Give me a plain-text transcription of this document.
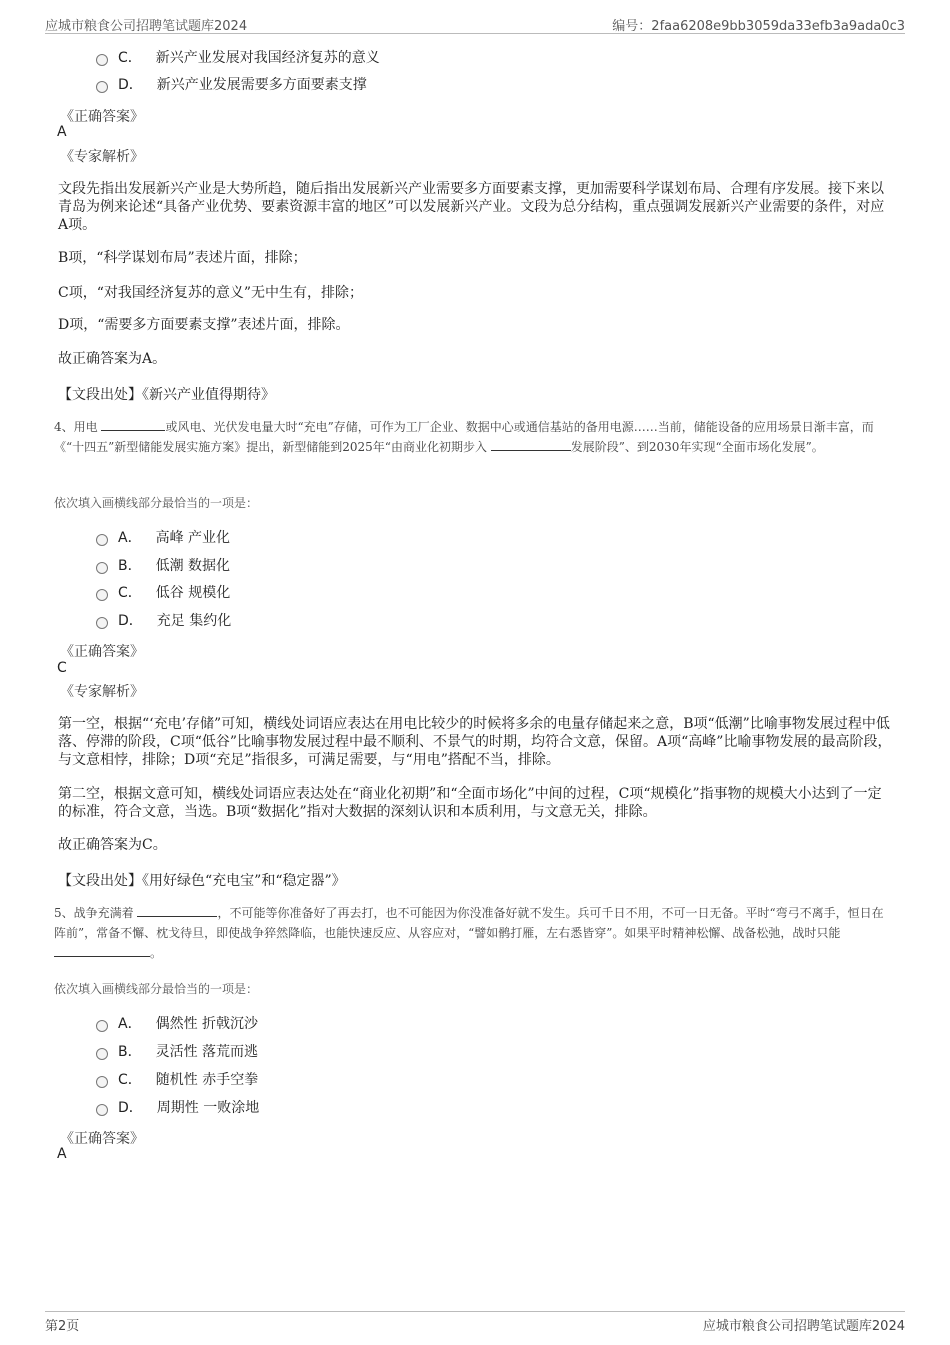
应城市粮食公司招聘笔试题库2024	编号：2faa6208e9bb3059da33efb3a9ada0c3
C． 新兴产业发展对我国经济复苏的意义
D． 新兴产业发展需要多方面要素支撑
《正确答案》
A
《专家解析》
文段先指出发展新兴产业是大势所趋，随后指出发展新兴产业需要多方面要素支撑，更加需要科学谋划布局、合理有序发展。接下来以青岛为例来论述“具备产业优势、要素资源丰富的地区”可以发展新兴产业。文段为总分结构，重点强调发展新兴产业需要的条件，对应A项。
B项，“科学谋划布局”表述片面，排除；
C项，“对我国经济复苏的意义”无中生有，排除；
D项，“需要多方面要素支撑”表述片面，排除。
故正确答案为A。
【文段出处】《新兴产业值得期待》
4、用电	或风电、光伏发电量大时“充电”存储，可作为工厂企业、数据中心或通信基站的备用电源……当前，储能设备的应用场景日渐丰富，而《“十四五”新型储能发展实施方案》提出，新型储能到2025年“由商业化初期步入	发展阶段”、到2030年实现“全面市场化发展”。
依次填入画横线部分最恰当的一项是：
A． 高峰 产业化
B． 低潮 数据化
C． 低谷 规模化
D． 充足 集约化
《正确答案》
C
《专家解析》
第一空，根据“‘充电’存储”可知，横线处词语应表达在用电比较少的时候将多余的电量存储起来之意，B项“低潮”比喻事物发展过程中低落、停滞的阶段，C项“低谷”比喻事物发展过程中最不顺利、不景气的时期，均符合文意，保留。A项“高峰”比喻事物发展的最高阶段，与文意相悖，排除；D项“充足”指很多，可满足需要，与“用电”搭配不当，排除。
第二空，根据文意可知，横线处词语应表达处在“商业化初期”和“全面市场化”中间的过程，C项“规模化”指事物的规模大小达到了一定的标准，符合文意，当选。B项“数据化”指对大数据的深刻认识和本质利用，与文意无关，排除。
故正确答案为C。
【文段出处】《用好绿色“充电宝”和“稳定器”》
5、战争充满着	，不可能等你准备好了再去打，也不可能因为你没准备好就不发生。兵可千日不用，不可一日无备。平时“弯弓不离手，恒日在阵前”，常备不懈、枕戈待旦，即使战争猝然降临，也能快速反应、从容应对，“譬如鹘打雁，左右悉皆穿”。如果平时精神松懈、战备松弛，战时只能 。
依次填入画横线部分最恰当的一项是：
A． 偶然性 折戟沉沙
B． 灵活性 落荒而逃
C． 随机性 赤手空拳
D． 周期性 一败涂地
《正确答案》
A
第2页	应城市粮食公司招聘笔试题库2024
